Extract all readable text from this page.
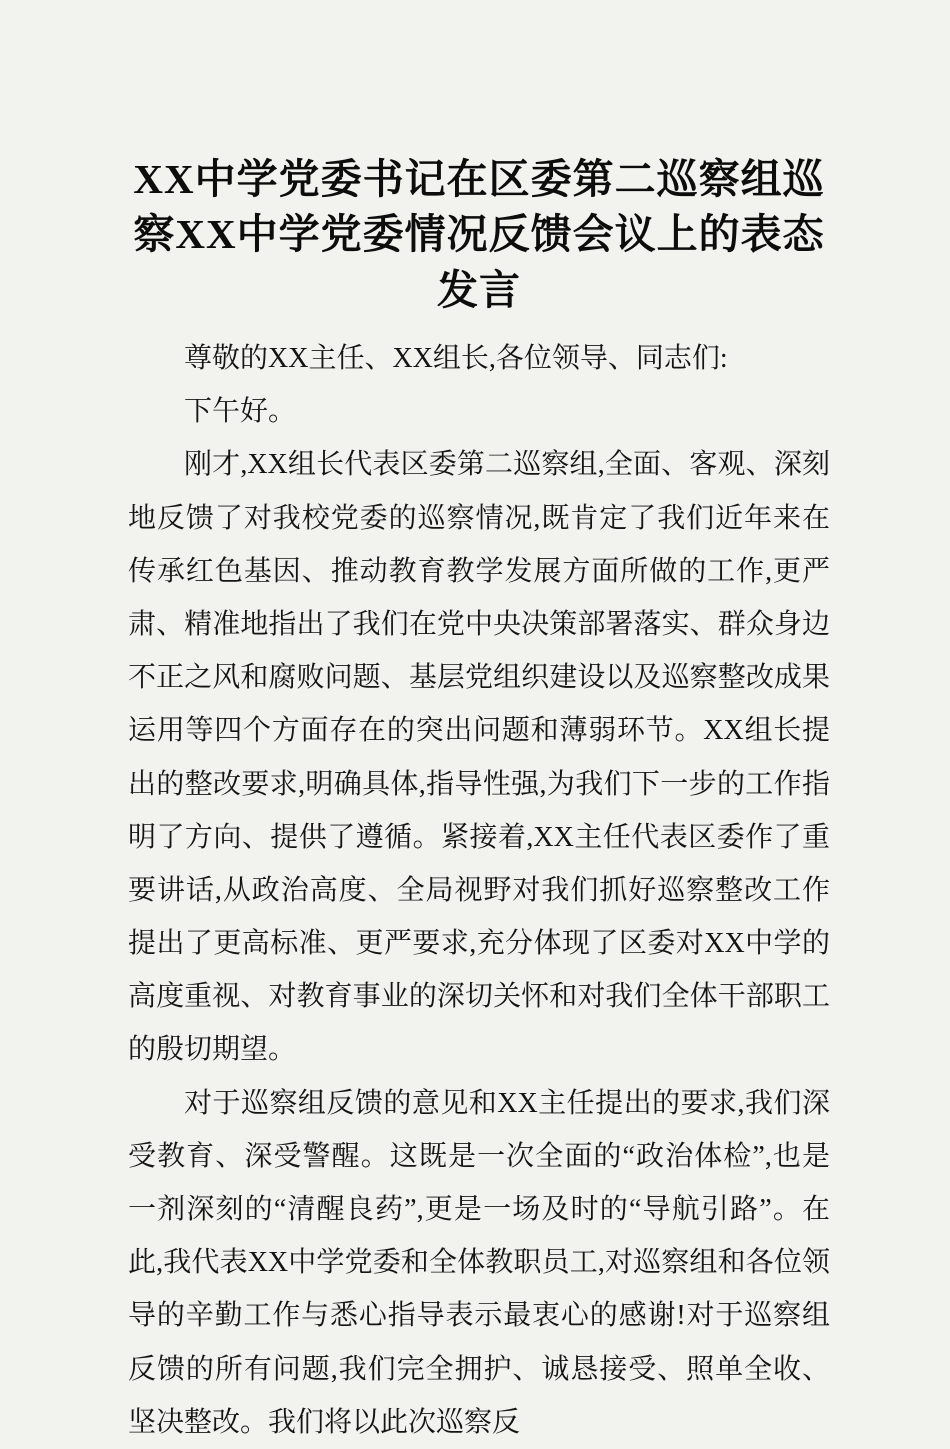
XX中学党委书记在区委第二巡察组巡察XX中学党委情况反馈会议上的表态发言

尊敬的XX主任、XX组长,各位领导、同志们:

下午好。

刚才,XX组长代表区委第二巡察组,全面、客观、深刻地反馈了对我校党委的巡察情况,既肯定了我们近年来在传承红色基因、推动教育教学发展方面所做的工作,更严肃、精准地指出了我们在党中央决策部署落实、群众身边不正之风和腐败问题、基层党组织建设以及巡察整改成果运用等四个方面存在的突出问题和薄弱环节。XX组长提出的整改要求,明确具体,指导性强,为我们下一步的工作指明了方向、提供了遵循。紧接着,XX主任代表区委作了重要讲话,从政治高度、全局视野对我们抓好巡察整改工作提出了更高标准、更严要求,充分体现了区委对XX中学的高度重视、对教育事业的深切关怀和对我们全体干部职工的殷切期望。

对于巡察组反馈的意见和XX主任提出的要求,我们深受教育、深受警醒。这既是一次全面的“政治体检”,也是一剂深刻的“清醒良药”,更是一场及时的“导航引路”。在此,我代表XX中学党委和全体教职员工,对巡察组和各位领导的辛勤工作与悉心指导表示最衷心的感谢!对于巡察组反馈的所有问题,我们完全拥护、诚恳接受、照单全收、坚决整改。我们将以此次巡察反
